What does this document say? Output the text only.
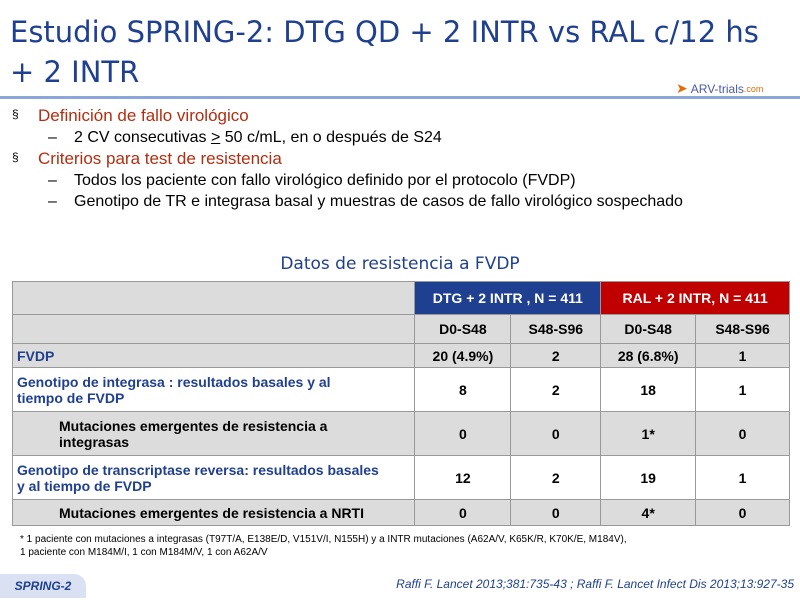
Estudio SPRING-2: DTG QD + 2 INTR vs RAL c/12 hs + 2 INTR	➤ ARV-trials .com
§ Definición de fallo virológico
– 2 CV consecutivas > 50 c/mL, en o después de S24
§ Criterios para test de resistencia
– Todos los paciente con fallo virológico definido por el protocolo (FVDP)
– Genotipo de TR e integrasa basal y muestras de casos de fallo virológico sospechado
Datos de resistencia a FVDP
	DTG + 2 INTR , N = 411		RAL + 2 INTR, N = 411	
	D0-S48	S48-S96	D0-S48	S48-S96
FVDP	20 (4.9%)	2	28 (6.8%)	1
Genotipo de integrasa : resultados basales y al tiempo de FVDP	8	2	18	1
Mutaciones emergentes de resistencia a integrasas	0	0	1*	0
Genotipo de transcriptase reversa: resultados basales y al tiempo de FVDP	12	2	19	1
Mutaciones emergentes de resistencia a NRTI	0	0	4*	0
* 1 paciente con mutaciones a integrasas (T97T/A, E138E/D, V151V/I, N155H) y a INTR mutaciones (A62A/V, K65K/R, K70K/E, M184V),
1 paciente con M184M/I, 1 con M184M/V, 1 con A62A/V
SPRING-2	Raffi F. Lancet 2013;381:735-43 ; Raffi F. Lancet Infect Dis 2013;13:927-35
